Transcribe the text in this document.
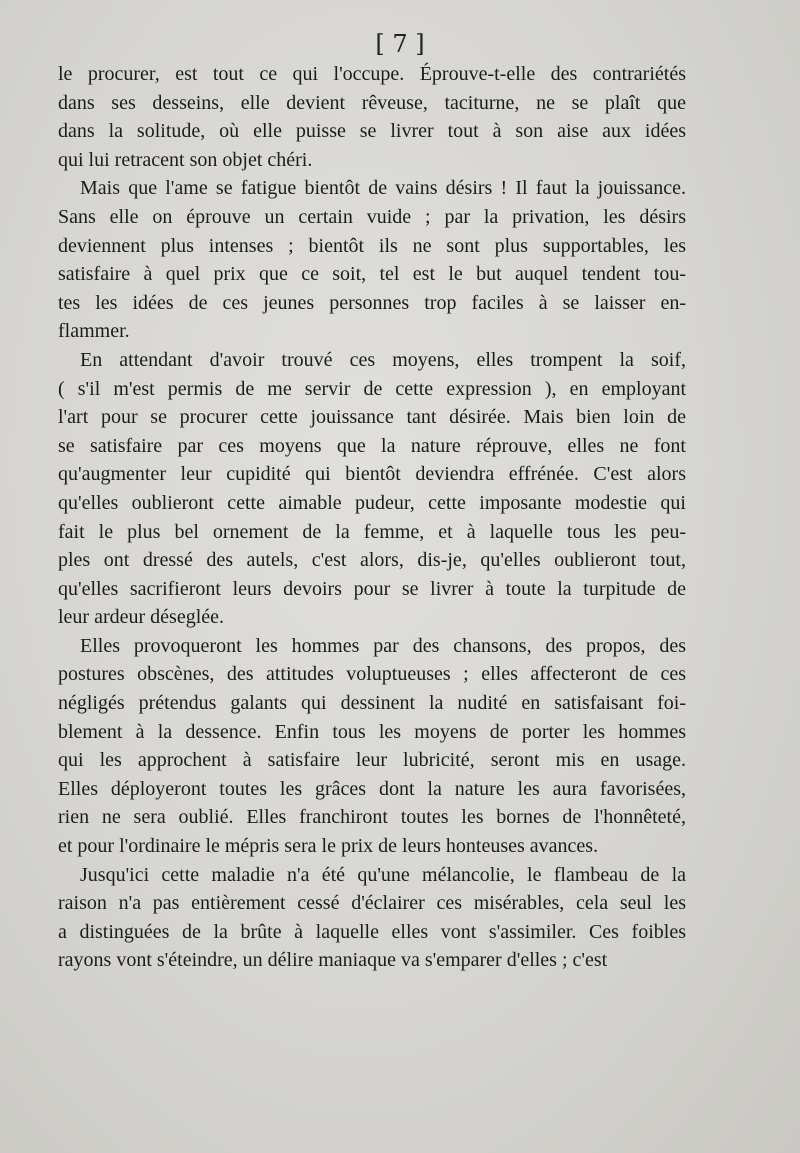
[ 7 ]
le procurer, est tout ce qui l'occupe. Éprouve-t-elle des contrariétés
dans ses desseins, elle devient rêveuse, taciturne, ne se plaît que
dans la solitude, où elle puisse se livrer tout à son aise aux idées
qui lui retracent son objet chéri.
Mais que l'ame se fatigue bientôt de vains désirs ! Il faut la jouissance.
Sans elle on éprouve un certain vuide ; par la privation, les désirs
deviennent plus intenses ; bientôt ils ne sont plus supportables, les
satisfaire à quel prix que ce soit, tel est le but auquel tendent tou-
tes les idées de ces jeunes personnes trop faciles à se laisser en-
flammer.
En attendant d'avoir trouvé ces moyens, elles trompent la soif,
( s'il m'est permis de me servir de cette expression ), en employant
l'art pour se procurer cette jouissance tant désirée. Mais bien loin de
se satisfaire par ces moyens que la nature réprouve, elles ne font
qu'augmenter leur cupidité qui bientôt deviendra effrénée. C'est alors
qu'elles oublieront cette aimable pudeur, cette imposante modestie qui
fait le plus bel ornement de la femme, et à laquelle tous les peu-
ples ont dressé des autels, c'est alors, dis-je, qu'elles oublieront tout,
qu'elles sacrifieront leurs devoirs pour se livrer à toute la turpitude de
leur ardeur déseglée.
Elles provoqueront les hommes par des chansons, des propos, des
postures obscènes, des attitudes voluptueuses ; elles affecteront de ces
négligés prétendus galants qui dessinent la nudité en satisfaisant foi-
blement à la dessence. Enfin tous les moyens de porter les hommes
qui les approchent à satisfaire leur lubricité, seront mis en usage.
Elles déployeront toutes les grâces dont la nature les aura favorisées,
rien ne sera oublié. Elles franchiront toutes les bornes de l'honnêteté,
et pour l'ordinaire le mépris sera le prix de leurs honteuses avances.
Jusqu'ici cette maladie n'a été qu'une mélancolie, le flambeau de la
raison n'a pas entièrement cessé d'éclairer ces misérables, cela seul les
a distinguées de la brûte à laquelle elles vont s'assimiler. Ces foibles
rayons vont s'éteindre, un délire maniaque va s'emparer d'elles ; c'est
